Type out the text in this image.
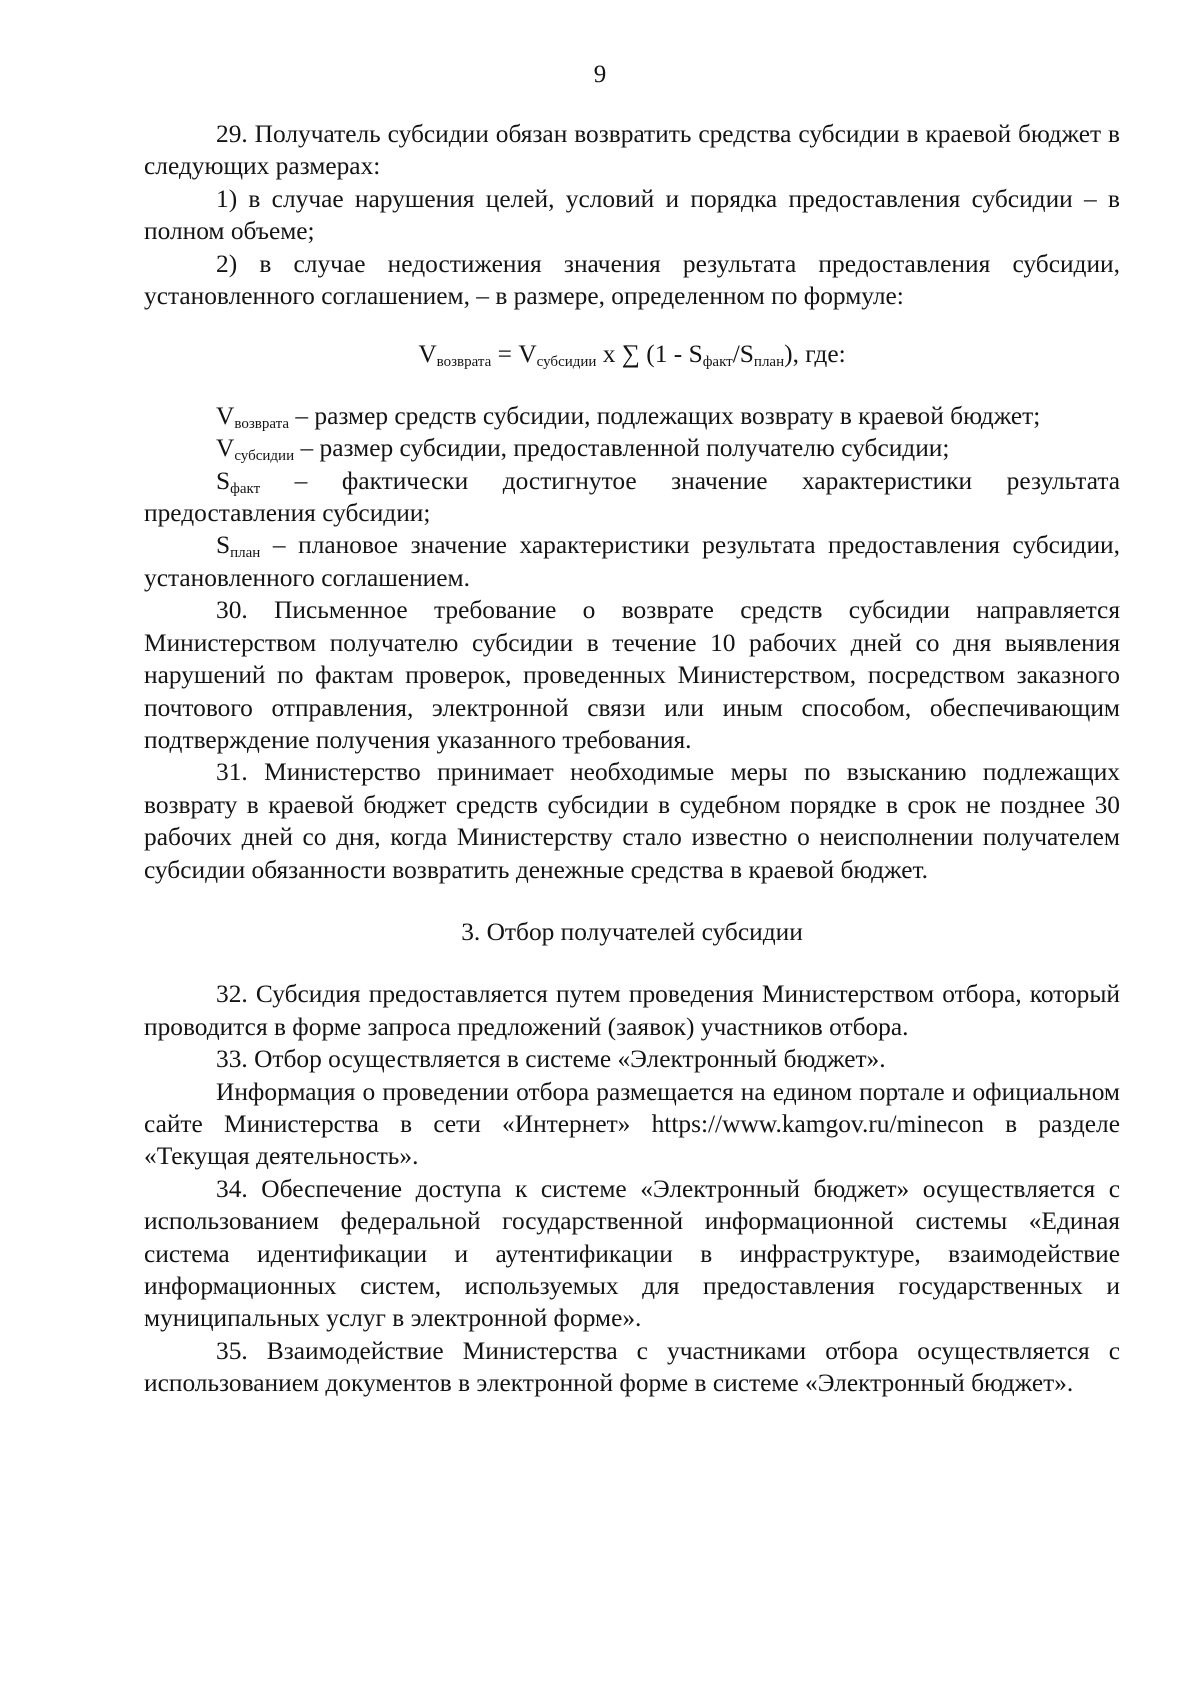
9

29. Получатель субсидии обязан возвратить средства субсидии в краевой бюджет в следующих размерах:

1) в случае нарушения целей, условий и порядка предоставления субсидии – в полном объеме;

2) в случае недостижения значения результата предоставления субсидии, установленного соглашением, – в размере, определенном по формуле:

$V_{возврата} = V_{субсидии}$ х ∑ $(1 - S_{факт}/S_{план})$, где:

$V_{возврата}$ – размер средств субсидии, подлежащих возврату в краевой бюджет;

$V_{субсидии}$ – размер субсидии, предоставленной получателю субсидии;

$S_{факт}$ – фактически достигнутое значение характеристики результата предоставления субсидии;

$S_{план}$ – плановое значение характеристики результата предоставления субсидии, установленного соглашением.

30. Письменное требование о возврате средств субсидии направляется Министерством получателю субсидии в течение 10 рабочих дней со дня выявления нарушений по фактам проверок, проведенных Министерством, посредством заказного почтового отправления, электронной связи или иным способом, обеспечивающим подтверждение получения указанного требования.

31. Министерство принимает необходимые меры по взысканию подлежащих возврату в краевой бюджет средств субсидии в судебном порядке в срок не позднее 30 рабочих дней со дня, когда Министерству стало известно о неисполнении получателем субсидии обязанности возвратить денежные средства в краевой бюджет.

3. Отбор получателей субсидии

32. Субсидия предоставляется путем проведения Министерством отбора, который проводится в форме запроса предложений (заявок) участников отбора.

33. Отбор осуществляется в системе «Электронный бюджет».

Информация о проведении отбора размещается на едином портале и официальном сайте Министерства в сети «Интернет» https://www.kamgov.ru/minecon в разделе «Текущая деятельность».

34. Обеспечение доступа к системе «Электронный бюджет» осуществляется с использованием федеральной государственной информационной системы «Единая система идентификации и аутентификации в инфраструктуре, взаимодействие информационных систем, используемых для предоставления государственных и муниципальных услуг в электронной форме».

35. Взаимодействие Министерства с участниками отбора осуществляется с использованием документов в электронной форме в системе «Электронный бюджет».
